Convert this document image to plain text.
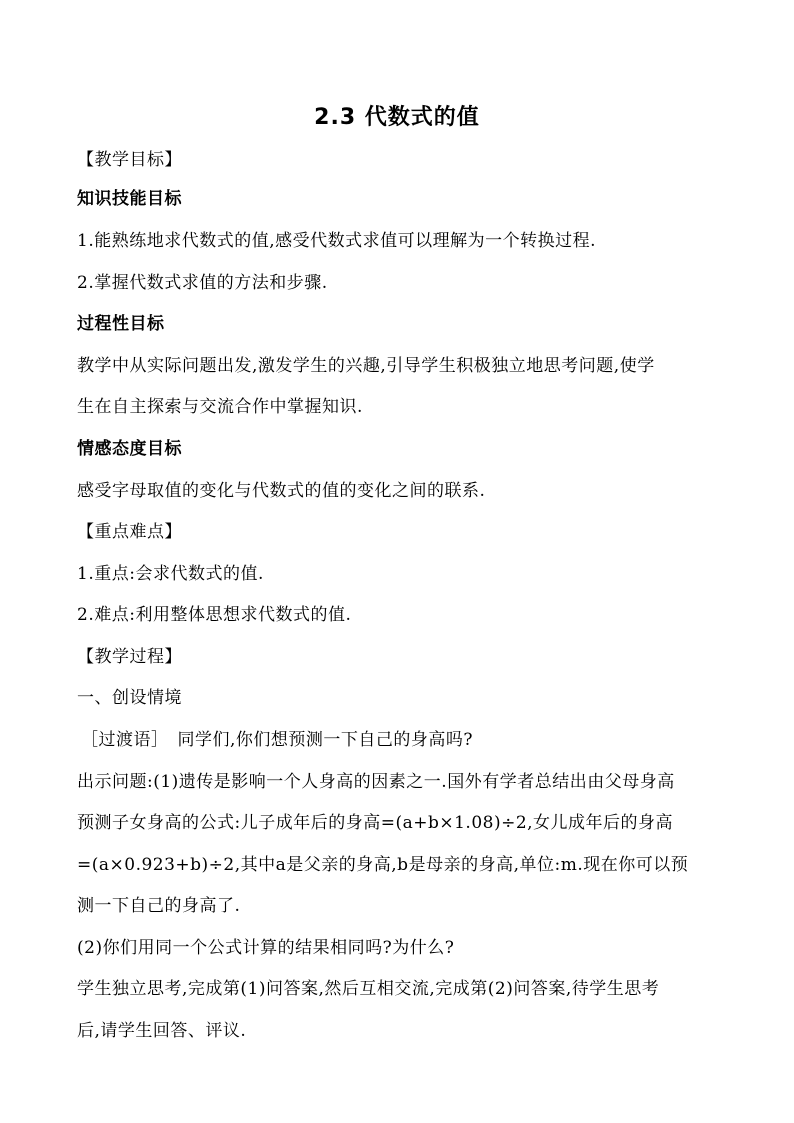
2.3 代数式的值
【教学目标】
知识技能目标
1.能熟练地求代数式的值,感受代数式求值可以理解为一个转换过程.
2.掌握代数式求值的方法和步骤.
过程性目标
教学中从实际问题出发,激发学生的兴趣,引导学生积极独立地思考问题,使学
生在自主探索与交流合作中掌握知识.
情感态度目标
感受字母取值的变化与代数式的值的变化之间的联系.
【重点难点】
1.重点:会求代数式的值.
2.难点:利用整体思想求代数式的值.
【教学过程】
一、创设情境
［过渡语］　同学们,你们想预测一下自己的身高吗?
出示问题:(1)遗传是影响一个人身高的因素之一.国外有学者总结出由父母身高
预测子女身高的公式:儿子成年后的身高=(a+b×1.08)÷2,女儿成年后的身高
=(a×0.923+b)÷2,其中a是父亲的身高,b是母亲的身高,单位:m.现在你可以预
测一下自己的身高了.
(2)你们用同一个公式计算的结果相同吗?为什么?
学生独立思考,完成第(1)问答案,然后互相交流,完成第(2)问答案,待学生思考
后,请学生回答、评议.
